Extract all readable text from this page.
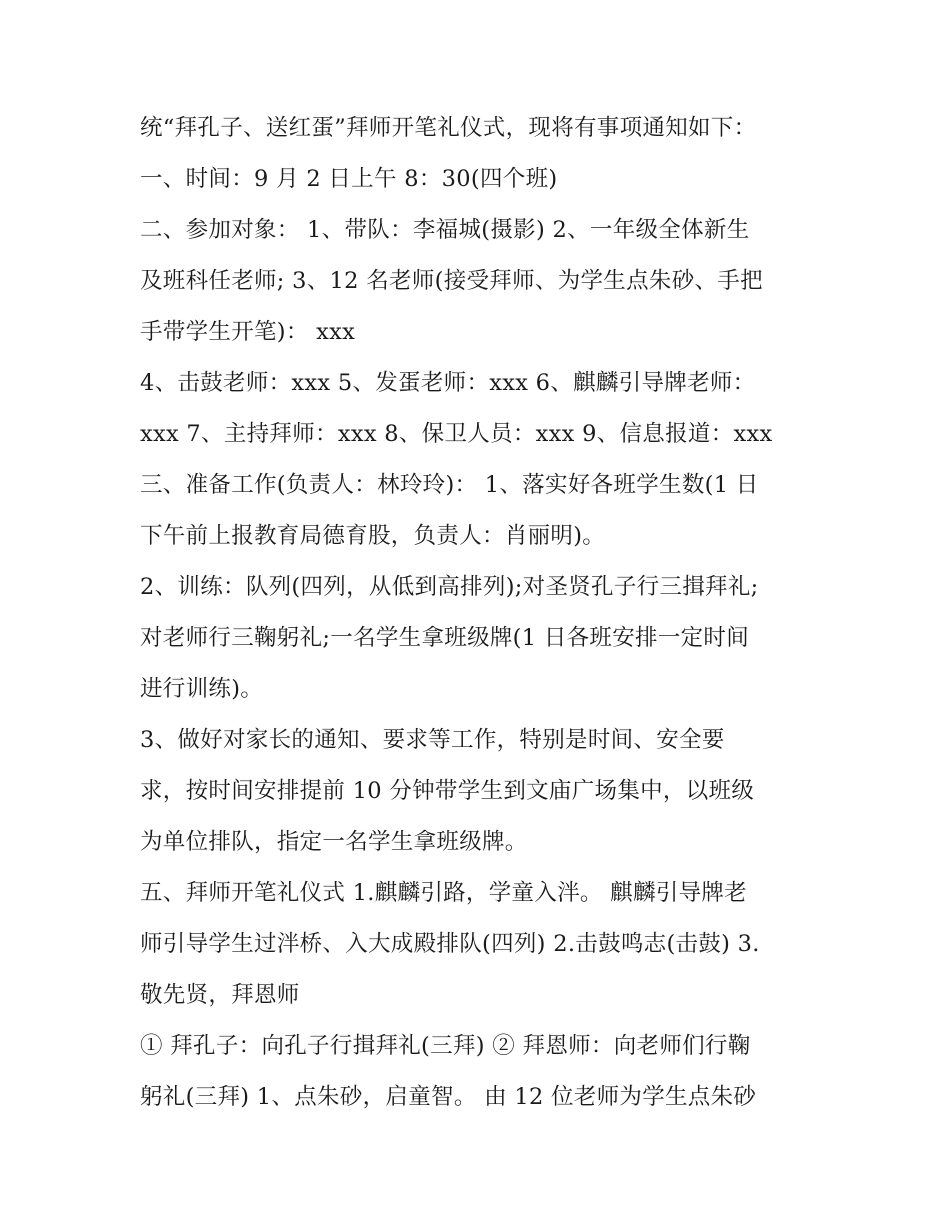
统“拜孔子、送红蛋”拜师开笔礼仪式，现将有事项通知如下：
一、时间：9 月 2 日上午 8：30(四个班)
二、参加对象： 1、带队：李福城(摄影) 2、一年级全体新生
及班科任老师; 3、12 名老师(接受拜师、为学生点朱砂、手把
手带学生开笔)： xxx
4、击鼓老师：xxx 5、发蛋老师：xxx 6、麒麟引导牌老师：
xxx 7、主持拜师：xxx 8、保卫人员：xxx 9、信息报道：xxx
三、准备工作(负责人：林玲玲)： 1、落实好各班学生数(1 日
下午前上报教育局德育股，负责人：肖丽明)。
2、训练：队列(四列，从低到高排列);对圣贤孔子行三揖拜礼;
对老师行三鞠躬礼;一名学生拿班级牌(1 日各班安排一定时间
进行训练)。
3、做好对家长的通知、要求等工作，特别是时间、安全要
求，按时间安排提前 10 分钟带学生到文庙广场集中，以班级
为单位排队，指定一名学生拿班级牌。
五、拜师开笔礼仪式 1.麒麟引路，学童入泮。 麒麟引导牌老
师引导学生过泮桥、入大成殿排队(四列) 2.击鼓鸣志(击鼓) 3.
敬先贤，拜恩师
① 拜孔子：向孔子行揖拜礼(三拜) ② 拜恩师：向老师们行鞠
躬礼(三拜) 1、点朱砂，启童智。 由 12 位老师为学生点朱砂
